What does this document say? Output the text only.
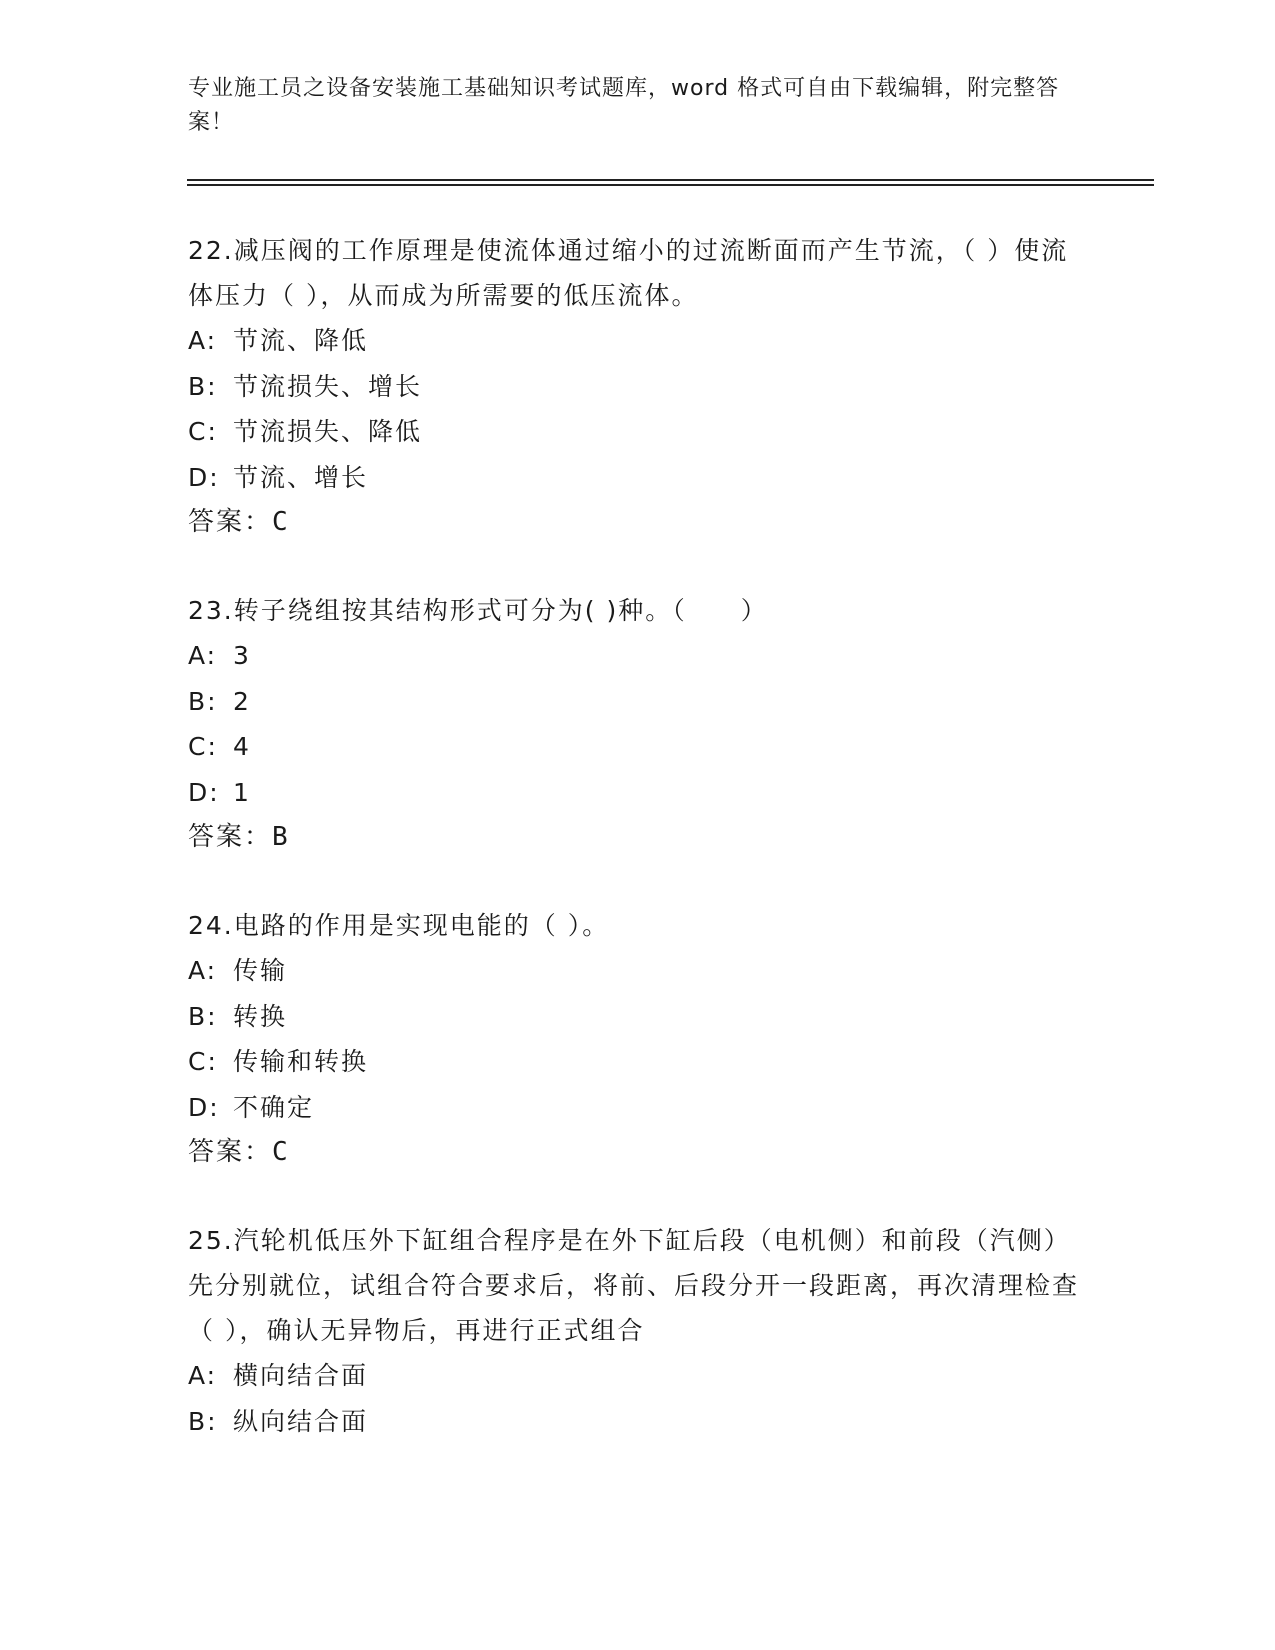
专业施工员之设备安装施工基础知识考试题库，word 格式可自由下载编辑，附完整答案！
22.减压阀的工作原理是使流体通过缩小的过流断面而产生节流，（ ）使流体压力（ ），从而成为所需要的低压流体。
A: 节流、降低
B: 节流损失、增长
C: 节流损失、降低
D: 节流、增长
答案：C
23.转子绕组按其结构形式可分为( )种。（　　）
A: 3
B: 2
C: 4
D: 1
答案：B
24.电路的作用是实现电能的（ ）。
A: 传输
B: 转换
C: 传输和转换
D: 不确定
答案：C
25.汽轮机低压外下缸组合程序是在外下缸后段（电机侧）和前段（汽侧）先分别就位，试组合符合要求后，将前、后段分开一段距离，再次清理检查（ ），确认无异物后，再进行正式组合
A: 横向结合面
B: 纵向结合面
